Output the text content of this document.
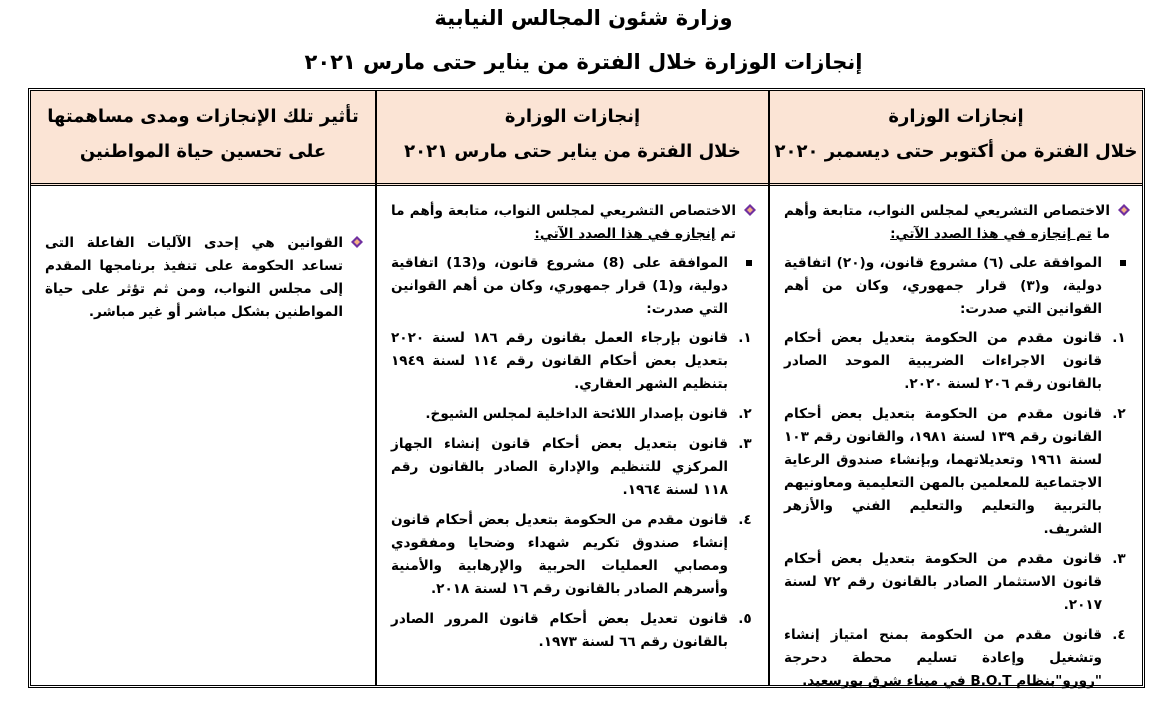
وزارة شئون المجالس النيابية
إنجازات الوزارة خلال الفترة من يناير حتى مارس ٢٠٢١
إنجازات الوزارة
خلال الفترة من أكتوبر حتى ديسمبر ٢٠٢٠
الاختصاص التشريعي لمجلس النواب، متابعة وأهم ما تم إنجازه في هذا الصدد الآتي:
الموافقة على (٦) مشروع قانون، و(٢٠) اتفاقية دولية، و(٣) قرار جمهوري، وكان من أهم القوانين التي صدرت:
١.
قانون مقدم من الحكومة بتعديل بعض أحكام قانون الاجراءات الضريبية الموحد الصادر بالقانون رقم ٢٠٦ لسنة ٢٠٢٠.
٢.
قانون مقدم من الحكومة بتعديل بعض أحكام القانون رقم ١٣٩ لسنة ١٩٨١، والقانون رقم ١٠٣ لسنة ١٩٦١ وتعديلاتهما، وبإنشاء صندوق الرعاية الاجتماعية للمعلمين بالمهن التعليمية ومعاونيهم بالتربية والتعليم والتعليم الفني والأزهر الشريف.
٣.
قانون مقدم من الحكومة بتعديل بعض أحكام قانون الاستثمار الصادر بالقانون رقم ٧٢ لسنة ٢٠١٧.
٤.
قانون مقدم من الحكومة بمنح امتياز إنشاء وتشغيل وإعادة تسليم محطة دحرجة "رورو"بنظام B.O.T في ميناء شرق بورسعيد.
إنجازات الوزارة
خلال الفترة من يناير حتى مارس ٢٠٢١
الاختصاص التشريعي لمجلس النواب، متابعة وأهم ما تم إنجازه في هذا الصدد الآتي:
الموافقة على (8) مشروع قانون، و(13) اتفاقية دولية، و(1) قرار جمهوري، وكان من أهم القوانين التي صدرت:
١.
قانون بإرجاء العمل بقانون رقم ١٨٦ لسنة ٢٠٢٠ بتعديل بعض أحكام القانون رقم ١١٤ لسنة ١٩٤٩ بتنظيم الشهر العقاري.
٢.
قانون بإصدار اللائحة الداخلية لمجلس الشيوخ.
٣.
قانون بتعديل بعض أحكام قانون إنشاء الجهاز المركزي للتنظيم والإدارة الصادر بالقانون رقم ١١٨ لسنة ١٩٦٤.
٤.
قانون مقدم من الحكومة بتعديل بعض أحكام قانون إنشاء صندوق تكريم شهداء وضحايا ومفقودي ومصابي العمليات الحربية والإرهابية والأمنية وأسرهم الصادر بالقانون رقم ١٦ لسنة ٢٠١٨.
٥.
قانون تعديل بعض أحكام قانون المرور الصادر بالقانون رقم ٦٦ لسنة ١٩٧٣.
تأثير تلك الإنجازات ومدى مساهمتها
على تحسين حياة المواطنين
القوانين هي إحدى الآليات الفاعلة التى تساعد الحكومة على تنفيذ برنامجها المقدم إلى مجلس النواب، ومن ثم تؤثر على حياة المواطنين بشكل مباشر أو غير مباشر.
